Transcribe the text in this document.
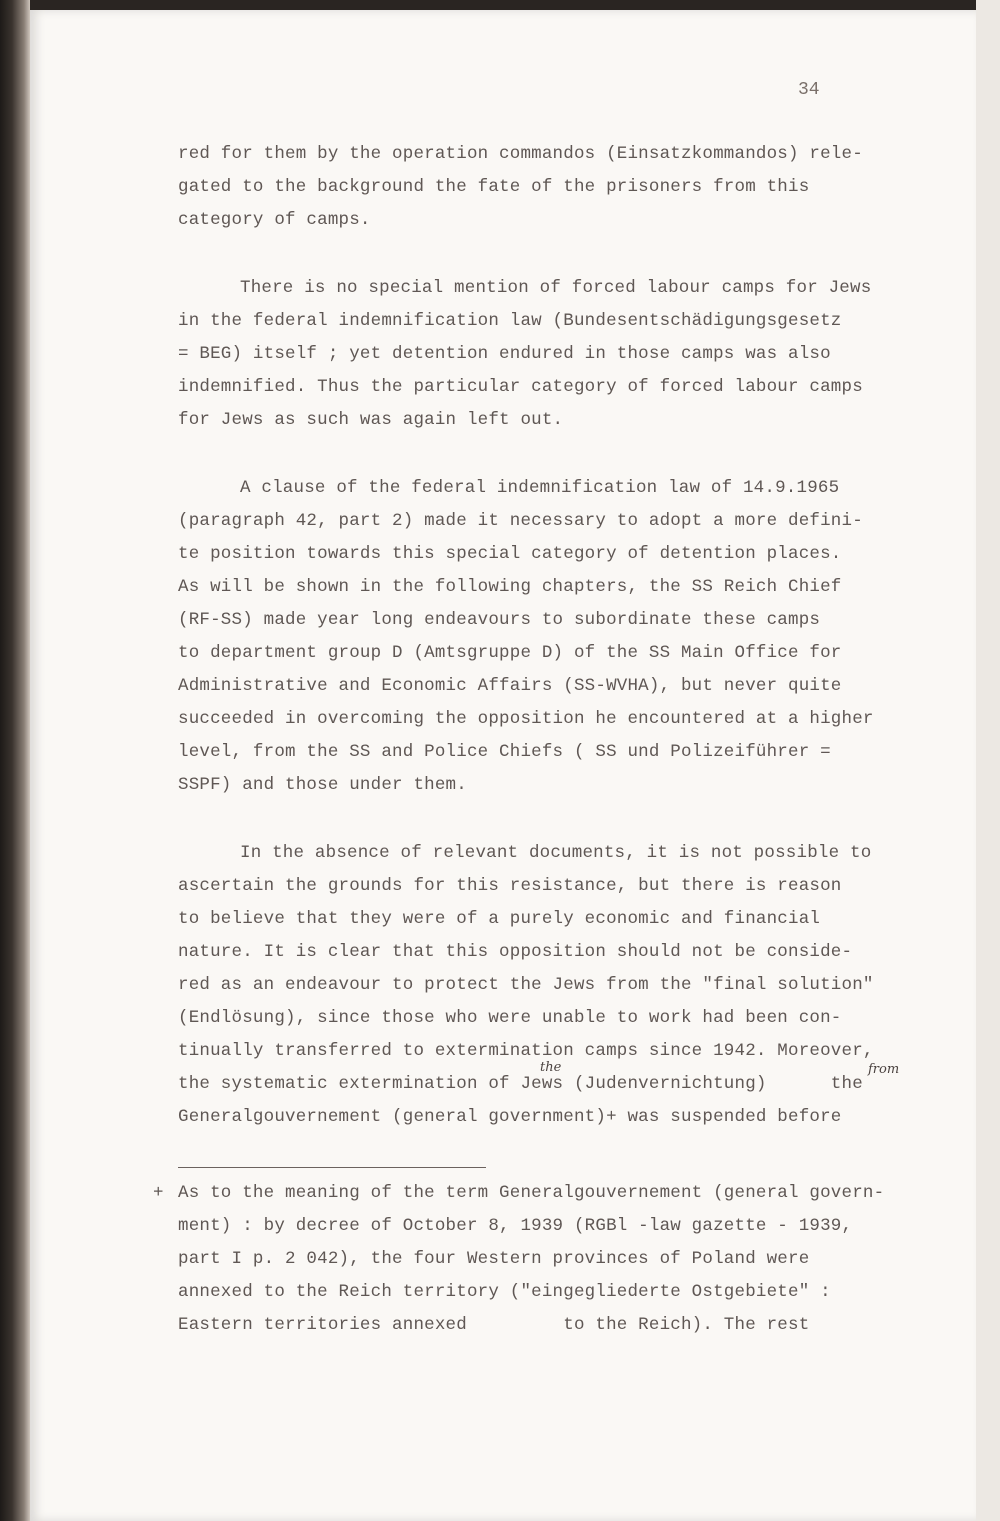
34
red for them by the operation commandos (Einsatzkommandos) rele-
gated to the background the fate of the prisoners from this
category of camps.
There is no special mention of forced labour camps for Jews
in the federal indemnification law (Bundesentschädigungsgesetz
= BEG) itself ; yet detention endured in those camps was also
indemnified. Thus the particular category of forced labour camps
for Jews as such was again left out.
A clause of the federal indemnification law of 14.9.1965
(paragraph 42, part 2) made it necessary to adopt a more defini-
te position towards this special category of detention places.
As will be shown in the following chapters, the SS Reich Chief
(RF-SS) made year long endeavours to subordinate these camps
to department group D (Amtsgruppe D) of the SS Main Office for
Administrative and Economic Affairs (SS-WVHA), but never quite
succeeded in overcoming the opposition he encountered at a higher
level, from the SS and Police Chiefs ( SS und Polizeiführer =
SSPF) and those under them.
In the absence of relevant documents, it is not possible to
ascertain the grounds for this resistance, but there is reason
to believe that they were of a purely economic and financial
nature. It is clear that this opposition should not be conside-
red as an endeavour to protect the Jews from the "final solution"
(Endlösung), since those who were unable to work had been con-
tinually transferred to extermination camps since 1942. Moreover,
the systematic extermination of Jews (Judenvernichtung)      the
Generalgouvernement (general government)+ was suspended before
the	from
+ As to the meaning of the term Generalgouvernement (general govern-
ment) : by decree of October 8, 1939 (RGBl -law gazette - 1939,
part I p. 2 042), the four Western provinces of Poland were
annexed to the Reich territory ("eingegliederte Ostgebiete" :
Eastern territories annexed         to the Reich). The rest
